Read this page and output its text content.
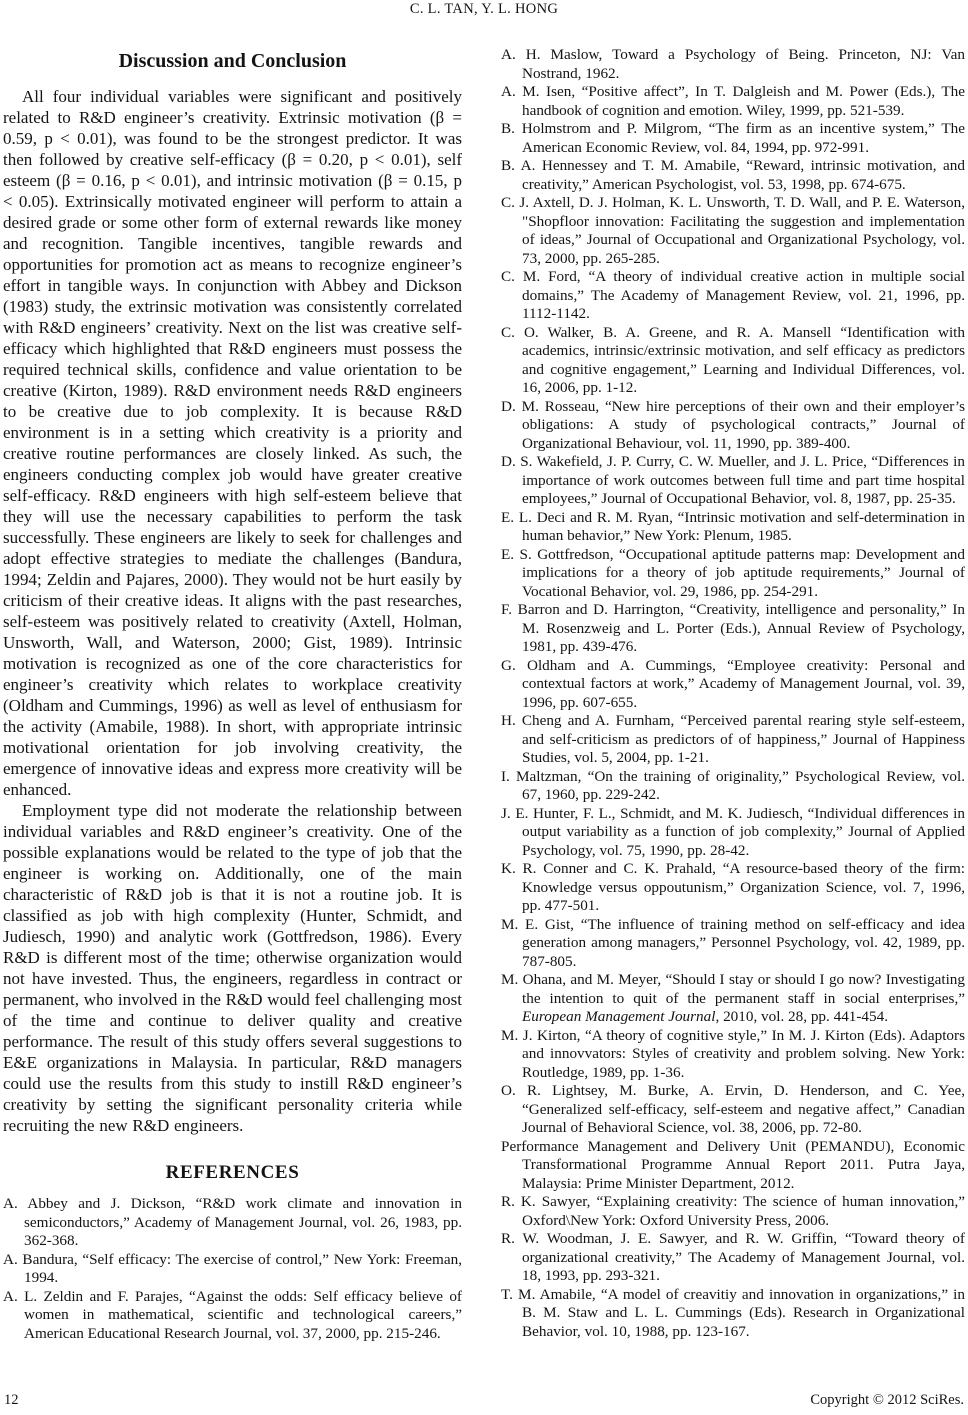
C. L. TAN, Y. L. HONG
Discussion and Conclusion

All four individual variables were significant and positively related to R&D engineer’s creativity. Extrinsic motivation (β = 0.59, p < 0.01), was found to be the strongest predictor. It was then followed by creative self-efficacy (β = 0.20, p < 0.01), self esteem (β = 0.16, p < 0.01), and intrinsic motivation (β = 0.15, p < 0.05). Extrinsically motivated engineer will perform to attain a desired grade or some other form of external rewards like money and recognition. Tangible incentives, tangible rewards and opportunities for promotion act as means to recognize engineer’s effort in tangible ways. In conjunction with Abbey and Dickson (1983) study, the extrinsic motivation was consistently correlated with R&D engineers’ creativity. Next on the list was creative self-efficacy which highlighted that R&D engineers must possess the required technical skills, confidence and value orientation to be creative (Kirton, 1989). R&D environment needs R&D engineers to be creative due to job complexity. It is because R&D environment is in a setting which creativity is a priority and creative routine performances are closely linked. As such, the engineers conducting complex job would have greater creative self-efficacy. R&D engineers with high self-esteem believe that they will use the necessary capabilities to perform the task successfully. These engineers are likely to seek for challenges and adopt effective strategies to mediate the challenges (Bandura, 1994; Zeldin and Pajares, 2000). They would not be hurt easily by criticism of their creative ideas. It aligns with the past researches, self-esteem was positively related to creativity (Axtell, Holman, Unsworth, Wall, and Waterson, 2000; Gist, 1989). Intrinsic motivation is recognized as one of the core characteristics for engineer’s creativity which relates to workplace creativity (Oldham and Cummings, 1996) as well as level of enthusiasm for the activity (Amabile, 1988). In short, with appropriate intrinsic motivational orientation for job involving creativity, the emergence of innovative ideas and express more creativity will be enhanced.

Employment type did not moderate the relationship between individual variables and R&D engineer’s creativity. One of the possible explanations would be related to the type of job that the engineer is working on. Additionally, one of the main characteristic of R&D job is that it is not a routine job. It is classified as job with high complexity (Hunter, Schmidt, and Judiesch, 1990) and analytic work (Gottfredson, 1986). Every R&D is different most of the time; otherwise organization would not have invested. Thus, the engineers, regardless in contract or permanent, who involved in the R&D would feel challenging most of the time and continue to deliver quality and creative performance. The result of this study offers several suggestions to E&E organizations in Malaysia. In particular, R&D managers could use the results from this study to instill R&D engineer’s creativity by setting the significant personality criteria while recruiting the new R&D engineers.

REFERENCES

A. Abbey and J. Dickson, “R&D work climate and innovation in semiconductors,” Academy of Management Journal, vol. 26, 1983, pp. 362-368.

A. Bandura, “Self efficacy: The exercise of control,” New York: Freeman, 1994.

A. L. Zeldin and F. Parajes, “Against the odds: Self efficacy believe of women in mathematical, scientific and technological careers,” American Educational Research Journal, vol. 37, 2000, pp. 215-246.

A. H. Maslow, Toward a Psychology of Being. Princeton, NJ: Van Nostrand, 1962.

A. M. Isen, “Positive affect”, In T. Dalgleish and M. Power (Eds.), The handbook of cognition and emotion. Wiley, 1999, pp. 521-539.

B. Holmstrom and P. Milgrom, “The firm as an incentive system,” The American Economic Review, vol. 84, 1994, pp. 972-991.

B. A. Hennessey and T. M. Amabile, “Reward, intrinsic motivation, and creativity,” American Psychologist, vol. 53, 1998, pp. 674-675.

C. J. Axtell, D. J. Holman, K. L. Unsworth, T. D. Wall, and P. E. Waterson, "Shopfloor innovation: Facilitating the suggestion and implementation of ideas,” Journal of Occupational and Organizational Psychology, vol. 73, 2000, pp. 265-285.

C. M. Ford, “A theory of individual creative action in multiple social domains,” The Academy of Management Review, vol. 21, 1996, pp. 1112-1142.

C. O. Walker, B. A. Greene, and R. A. Mansell “Identification with academics, intrinsic/extrinsic motivation, and self efficacy as predictors and cognitive engagement,” Learning and Individual Differences, vol. 16, 2006, pp. 1-12.

D. M. Rosseau, “New hire perceptions of their own and their employer’s obligations: A study of psychological contracts,” Journal of Organizational Behaviour, vol. 11, 1990, pp. 389-400.

D. S. Wakefield, J. P. Curry, C. W. Mueller, and J. L. Price, “Differences in importance of work outcomes between full time and part time hospital employees,” Journal of Occupational Behavior, vol. 8, 1987, pp. 25-35.

E. L. Deci and R. M. Ryan, “Intrinsic motivation and self-determination in human behavior,” New York: Plenum, 1985.

E. S. Gottfredson, “Occupational aptitude patterns map: Development and implications for a theory of job aptitude requirements,” Journal of Vocational Behavior, vol. 29, 1986, pp. 254-291.

F. Barron and D. Harrington, “Creativity, intelligence and personality,” In M. Rosenzweig and L. Porter (Eds.), Annual Review of Psychology, 1981, pp. 439-476.

G. Oldham and A. Cummings, “Employee creativity: Personal and contextual factors at work,” Academy of Management Journal, vol. 39, 1996, pp. 607-655.

H. Cheng and A. Furnham, “Perceived parental rearing style self-esteem, and self-criticism as predictors of of happiness,” Journal of Happiness Studies, vol. 5, 2004, pp. 1-21.

I. Maltzman, “On the training of originality,” Psychological Review, vol. 67, 1960, pp. 229-242.

J. E. Hunter, F. L., Schmidt, and M. K. Judiesch, “Individual differences in output variability as a function of job complexity,” Journal of Applied Psychology, vol. 75, 1990, pp. 28-42.

K. R. Conner and C. K. Prahald, “A resource-based theory of the firm: Knowledge versus oppoutunism,” Organization Science, vol. 7, 1996, pp. 477-501.

M. E. Gist, “The influence of training method on self-efficacy and idea generation among managers,” Personnel Psychology, vol. 42, 1989, pp. 787-805.

M. Ohana, and M. Meyer, “Should I stay or should I go now? Investigating the intention to quit of the permanent staff in social enterprises,” European Management Journal, 2010, vol. 28, pp. 441-454.

M. J. Kirton, “A theory of cognitive style,” In M. J. Kirton (Eds). Adaptors and innovvators: Styles of creativity and problem solving. New York: Routledge, 1989, pp. 1-36.

O. R. Lightsey, M. Burke, A. Ervin, D. Henderson, and C. Yee, “Generalized self-efficacy, self-esteem and negative affect,” Canadian Journal of Behavioral Science, vol. 38, 2006, pp. 72-80.

Performance Management and Delivery Unit (PEMANDU), Economic Transformational Programme Annual Report 2011. Putra Jaya, Malaysia: Prime Minister Department, 2012.

R. K. Sawyer, “Explaining creativity: The science of human innovation,” Oxford\New York: Oxford University Press, 2006.

R. W. Woodman, J. E. Sawyer, and R. W. Griffin, “Toward theory of organizational creativity,” The Academy of Management Journal, vol. 18, 1993, pp. 293-321.

T. M. Amabile, “A model of creavitiy and innovation in organizations,” in B. M. Staw and L. L. Cummings (Eds). Research in Organizational Behavior, vol. 10, 1988, pp. 123-167.

12	Copyright © 2012 SciRes.
